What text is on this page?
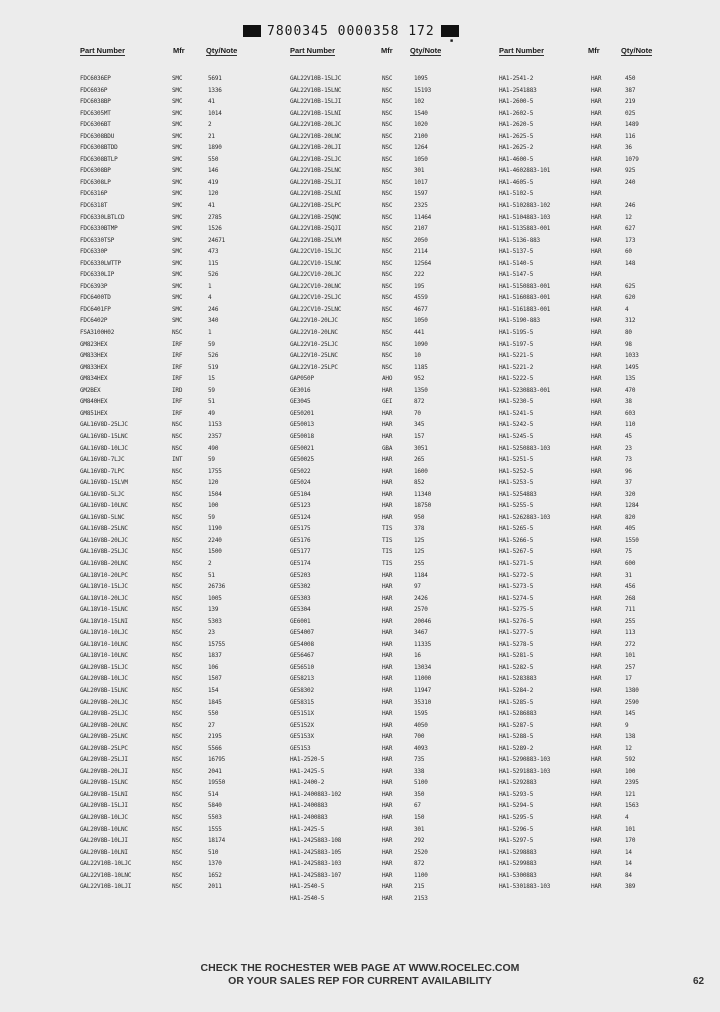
7800345 0000358 172
■
Part Number	Mfr	Qty/Note
FDC6036EP	SMC	5691
FDC6036P	SMC	1336
FDC6038BP	SMC	41
FDC6305MT	SMC	1014
FDC6306BT	SMC	2
FDC6308BDU	SMC	21
FDC6308BTDD	SMC	1890
FDC6308BTLP	SMC	550
FDC6308BP	SMC	146
FDC6308LP	SMC	419
FDC6316P	SMC	120
FDC6318T	SMC	41
FDC6330LBTLCD	SMC	2785
FDC6330BTMP	SMC	1526
FDC6330TSP	SMC	24671
FDC6330P	SMC	473
FDC6330LWTTP	SMC	115
FDC6330LIP	SMC	526
FDC6393P	SMC	1
FDC6400TD	SMC	4
FDC6401FP	SMC	246
FDC6402P	SMC	340
FSA3100H02	NSC	1
GM823HEX	IRF	59
GM833HEX	IRF	526
GM833HEX	IRF	519
GM834HEX	IRF	15
GM2BEX	IRD	59
GM840HEX	IRF	51
GM851HEX	IRF	49
GAL16V8D-25LJC	NSC	1153
GAL16V8D-15LNC	NSC	2357
GAL16V8D-10LJC	NSC	490
GAL16V8D-7LJC	INT	59
GAL16V8D-7LPC	NSC	1755
GAL16V8D-15LVM	NSC	120
GAL16V8D-5LJC	NSC	1504
GAL16V8D-10LNC	NSC	100
GAL16V8D-5LNC	NSC	59
GAL16V8B-25LNC	NSC	1190
GAL16V8B-20LJC	NSC	2240
GAL16V8B-25LJC	NSC	1500
GAL16V8B-20LNC	NSC	2
GAL18V10-20LPC	NSC	51
GAL18V10-15LJC	NSC	26736
GAL18V10-20LJC	NSC	1005
GAL18V10-15LNC	NSC	139
GAL18V10-15LNI	NSC	5303
GAL18V10-10LJC	NSC	23
GAL18V10-10LNC	NSC	15755
GAL18V10-10LNC	NSC	1837
GAL20V8B-15LJC	NSC	106
GAL20V8B-10LJC	NSC	1507
GAL20V8B-15LNC	NSC	154
GAL20V8B-20LJC	NSC	1845
GAL20V8B-25LJC	NSC	550
GAL20V8B-20LNC	NSC	27
GAL20V8B-25LNC	NSC	2195
GAL20V8B-25LPC	NSC	5566
GAL20V8B-25LJI	NSC	16795
GAL20V8B-20LJI	NSC	2041
GAL20V8B-15LNC	NSC	19550
GAL20V8B-15LNI	NSC	514
GAL20V8B-15LJI	NSC	5840
GAL20V8B-10LJC	NSC	5503
GAL20V8B-10LNC	NSC	1555
GAL20V8B-10LJI	NSC	18174
GAL20V8B-10LNI	NSC	510
GAL22V10B-10LJC	NSC	1370
GAL22V10B-10LNC	NSC	1652
GAL22V10B-10LJI	NSC	2011
Part Number	Mfr Qty/Note
GAL22V10B-15LJC	NSC	1095
GAL22V10B-15LNC	NSC	15193
GAL22V10B-15LJI	NSC	102
GAL22V10B-15LNI	NSC	1540
GAL22V10B-20LJC	NSC	1020
GAL22V10B-20LNC	NSC	2100
GAL22V10B-20LJI	NSC	1264
GAL22V10B-25LJC	NSC	1050
GAL22V10B-25LNC	NSC	301
GAL22V10B-25LJI	NSC	1017
GAL22V10B-25LNI	NSC	1597
GAL22V10B-25LPC	NSC	2325
GAL22V10B-25QNC	NSC	11464
GAL22V10B-25QJI	NSC	2107
GAL22V10B-25LVM	NSC	2050
GAL22CV10-15LJC	NSC	2114
GAL22CV10-15LNC	NSC	12564
GAL22CV10-20LJC	NSC	222
GAL22CV10-20LNC	NSC	195
GAL22CV10-25LJC	NSC	4559
GAL22CV10-25LNC	NSC	4677
GAL22V10-20LJC	NSC	1050
GAL22V10-20LNC	NSC	441
GAL22V10-25LJC	NSC	1090
GAL22V10-25LNC	NSC	10
GAL22V10-25LPC	NSC	1185
GAP050P	AHO	952
GE3016	HAR	1350
GE3045	GEI	872
GE50201	HAR	70
GE50013	HAR	345
GE50018	HAR	157
GE50021	GBA	3051
GE50025	HAR	265
GE5022	HAR	1600
GE5024	HAR	852
GE5104	HAR	11340
GE5123	HAR	18750
GE5124	HAR	950
GE5175	TIS	378
GE5176	TIS	125
GE5177	TIS	125
GE5174	TIS	255
GE5203	HAR	1184
GE5302	HAR	97
GE5303	HAR	2426
GE5304	HAR	2570
GE6001	HAR	20046
GE54007	HAR	3467
GE54008	HAR	11335
GE56467	HAR	16
GE56510	HAR	13034
GE58213	HAR	11000
GE58302	HAR	11947
GE58315	HAR	35310
GE5151X	HAR	1595
GE5152X	HAR	4050
GE5153X	HAR	700
GE5153	HAR	4093
HA1-2520-5	HAR	735
HA1-2425-5	HAR	338
HA1-2400-2	HAR	5100
HA1-2400883-102	HAR	350
HA1-2400883	HAR	67
HA1-2400883	HAR	150
HA1-2425-5	HAR	301
HA1-2425883-108	HAR	292
HA1-2425883-105	HAR	2520
HA1-2425883-103	HAR	872
HA1-2425883-107	HAR	1100
HA1-2540-5	HAR	215
HA1-2540-5	HAR	2153
Part Number	Mfr	Qty/Note
HA1-2541-2	HAR	450
HA1-2541883	HAR	387
HA1-2600-5	HAR	219
HA1-2602-5	HAR	025
HA1-2620-5	HAR	1489
HA1-2625-5	HAR	116
HA1-2625-2	HAR	36
HA1-4600-5	HAR	1079
HA1-4602883-101	HAR	925
HA1-4605-5	HAR	240
HA1-5102-5	HAR
HA1-5102883-102	HAR	246
HA1-5104883-103	HAR	12
HA1-5135883-001	HAR	627
HA1-5136-883	HAR	173
HA1-5137-5	HAR	60
HA1-5140-5	HAR	148
HA1-5147-5	HAR
HA1-5150883-001	HAR	625
HA1-5160883-001	HAR	620
HA1-5161883-001	HAR	4
HA1-5190-883	HAR	312
HA1-5195-5	HAR	80
HA1-5197-5	HAR	98
HA1-5221-5	HAR	1033
HA1-5221-2	HAR	1495
HA1-5222-5	HAR	135
HA1-5230883-001	HAR	470
HA1-5230-5	HAR	38
HA1-5241-5	HAR	603
HA1-5242-5	HAR	110
HA1-5245-5	HAR	45
HA1-5250883-103	HAR	23
HA1-5251-5	HAR	73
HA1-5252-5	HAR	96
HA1-5253-5	HAR	37
HA1-5254883	HAR	320
HA1-5255-5	HAR	1284
HA1-5262883-103	HAR	820
HA1-5265-5	HAR	405
HA1-5266-5	HAR	1550
HA1-5267-5	HAR	75
HA1-5271-5	HAR	600
HA1-5272-5	HAR	31
HA1-5273-5	HAR	456
HA1-5274-5	HAR	268
HA1-5275-5	HAR	711
HA1-5276-5	HAR	255
HA1-5277-5	HAR	113
HA1-5278-5	HAR	272
HA1-5281-5	HAR	101
HA1-5282-5	HAR	257
HA1-5283883	HAR	17
HA1-5284-2	HAR	1380
HA1-5285-5	HAR	2590
HA1-5286883	HAR	145
HA1-5287-5	HAR	9
HA1-5288-5	HAR	138
HA1-5289-2	HAR	12
HA1-5290883-103	HAR	592
HA1-5291883-103	HAR	100
HA1-5292883	HAR	2395
HA1-5293-5	HAR	121
HA1-5294-5	HAR	1563
HA1-5295-5	HAR	4
HA1-5296-5	HAR	101
HA1-5297-5	HAR	170
HA1-5298883	HAR	14
HA1-5299883	HAR	14
HA1-5300883	HAR	84
HA1-5301883-103	HAR	389
CHECK THE ROCHESTER WEB PAGE AT WWW.ROCELEC.COM
OR YOUR SALES REP FOR CURRENT AVAILABILITY	62
